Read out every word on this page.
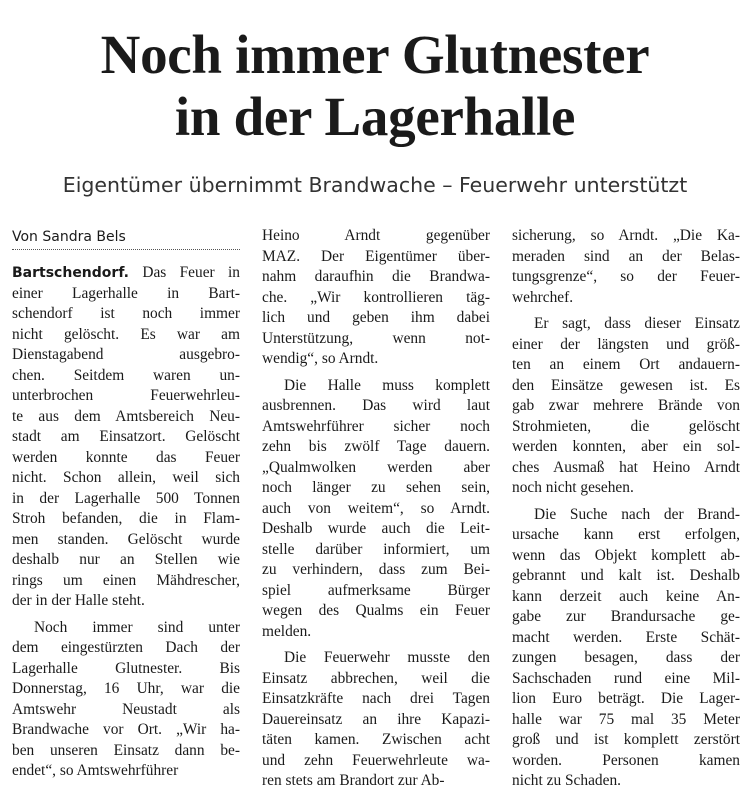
Noch immer Glutnester
in der Lagerhalle
Eigentümer übernimmt Brandwache – Feuerwehr unterstützt
Von Sandra Bels
Bartschendorf. Das Feuer in
einer Lagerhalle in Bart-
schendorf ist noch immer
nicht gelöscht. Es war am
Dienstagabend ausgebro-
chen. Seitdem waren un-
unterbrochen Feuerwehrleu-
te aus dem Amtsbereich Neu-
stadt am Einsatzort. Gelöscht
werden konnte das Feuer
nicht. Schon allein, weil sich
in der Lagerhalle 500 Tonnen
Stroh befanden, die in Flam-
men standen. Gelöscht wurde
deshalb nur an Stellen wie
rings um einen Mähdrescher,
der in der Halle steht.
Noch immer sind unter
dem eingestürzten Dach der
Lagerhalle Glutnester. Bis
Donnerstag, 16 Uhr, war die
Amtswehr Neustadt als
Brandwache vor Ort. „Wir ha-
ben unseren Einsatz dann be-
endet“, so Amtswehrführer
Heino Arndt gegenüber
MAZ. Der Eigentümer über-
nahm daraufhin die Brandwa-
che. „Wir kontrollieren täg-
lich und geben ihm dabei
Unterstützung, wenn not-
wendig“, so Arndt.
Die Halle muss komplett
ausbrennen. Das wird laut
Amtswehrführer sicher noch
zehn bis zwölf Tage dauern.
„Qualmwolken werden aber
noch länger zu sehen sein,
auch von weitem“, so Arndt.
Deshalb wurde auch die Leit-
stelle darüber informiert, um
zu verhindern, dass zum Bei-
spiel aufmerksame Bürger
wegen des Qualms ein Feuer
melden.
Die Feuerwehr musste den
Einsatz abbrechen, weil die
Einsatzkräfte nach drei Tagen
Dauereinsatz an ihre Kapazi-
täten kamen. Zwischen acht
und zehn Feuerwehrleute wa-
ren stets am Brandort zur Ab-
sicherung, so Arndt. „Die Ka-
meraden sind an der Belas-
tungsgrenze“, so der Feuer-
wehrchef.
Er sagt, dass dieser Einsatz
einer der längsten und größ-
ten an einem Ort andauern-
den Einsätze gewesen ist. Es
gab zwar mehrere Brände von
Strohmieten, die gelöscht
werden konnten, aber ein sol-
ches Ausmaß hat Heino Arndt
noch nicht gesehen.
Die Suche nach der Brand-
ursache kann erst erfolgen,
wenn das Objekt komplett ab-
gebrannt und kalt ist. Deshalb
kann derzeit auch keine An-
gabe zur Brandursache ge-
macht werden. Erste Schät-
zungen besagen, dass der
Sachschaden rund eine Mil-
lion Euro beträgt. Die Lager-
halle war 75 mal 35 Meter
groß und ist komplett zerstört
worden. Personen kamen
nicht zu Schaden.
